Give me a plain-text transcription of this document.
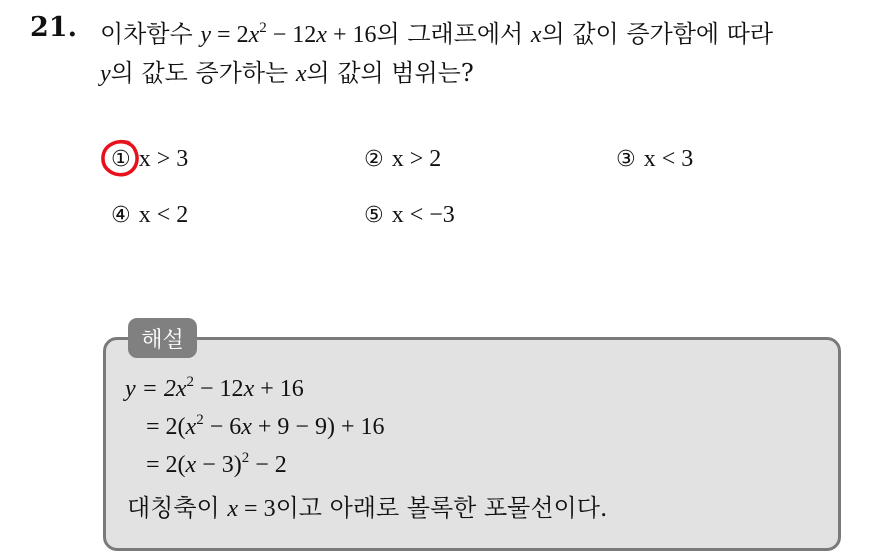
21. 이차함수 $y = 2x^2 - 12x + 16$의 그래프에서 x의 값이 증가함에 따라
y의 값도 증가하는 x의 값의 범위는?
① x > 3	② x > 2	③ x < 3
④ x < 2	⑤ x < −3
해설
$y = 2x^2 - 12x + 16$
= $2(x^2 - 6x + 9 - 9) + 16$
= $2(x - 3)^2 - 2$
대칭축이 x = 3이고 아래로 볼록한 포물선이다.
